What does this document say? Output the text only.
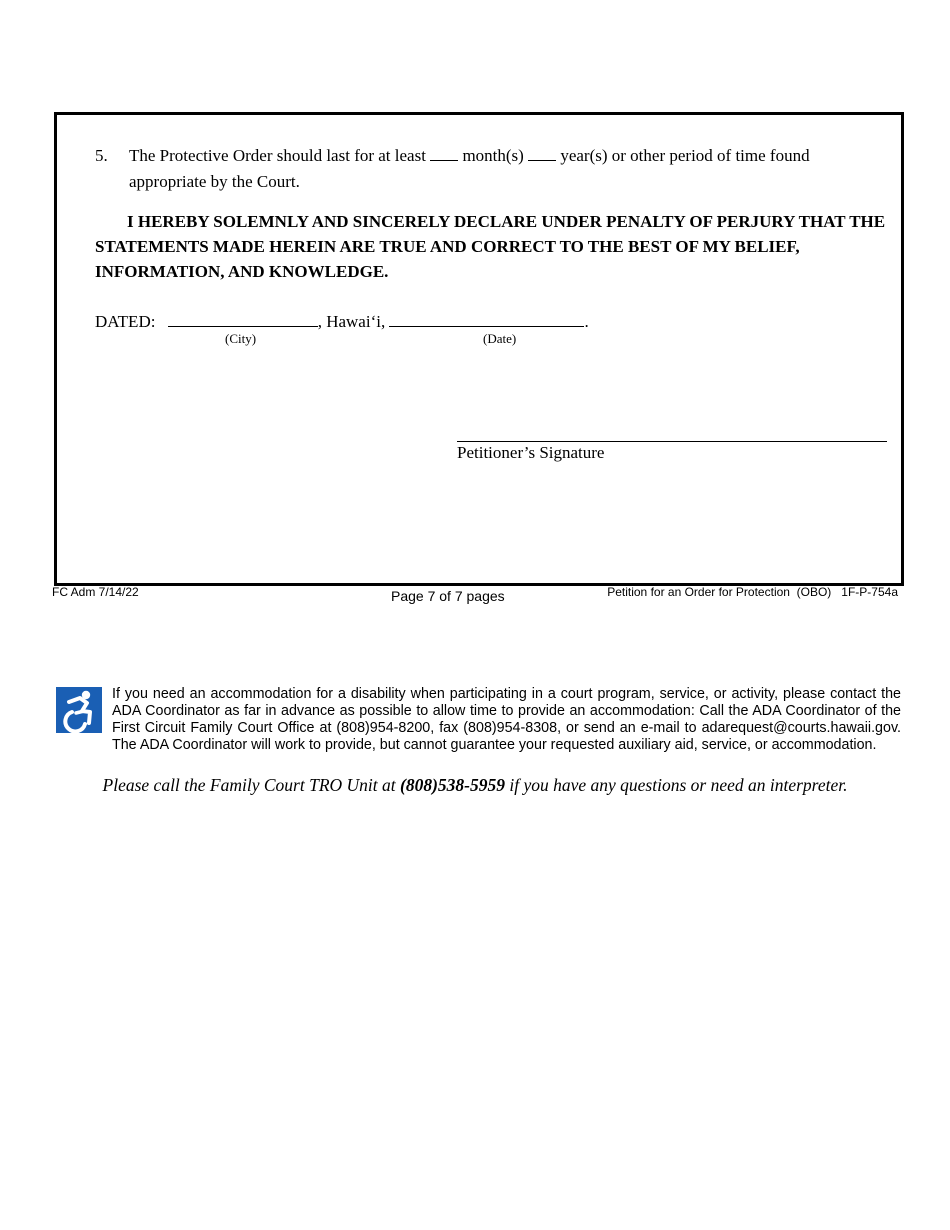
5. The Protective Order should last for at least month(s) year(s) or other period of time found appropriate by the Court.
I HEREBY SOLEMNLY AND SINCERELY DECLARE UNDER PENALTY OF PERJURY THAT THE STATEMENTS MADE HEREIN ARE TRUE AND CORRECT TO THE BEST OF MY BELIEF, INFORMATION, AND KNOWLEDGE.
DATED:	, Hawai‘i,	.
(City)	(Date)
Petitioner’s Signature
FC Adm 7/14/22	Page 7 of 7 pages	Petition for an Order for Protection  (OBO)   1F-P-754a
If you need an accommodation for a disability when participating in a court program, service, or activity, please contact the ADA Coordinator as far in advance as possible to allow time to provide an accommodation: Call the ADA Coordinator of the First Circuit Family Court Office at (808)954-8200, fax (808)954-8308, or send an e-mail to adarequest@courts.hawaii.gov. The ADA Coordinator will work to provide, but cannot guarantee your requested auxiliary aid, service, or accommodation.
Please call the Family Court TRO Unit at (808)538-5959 if you have any questions or need an interpreter.
